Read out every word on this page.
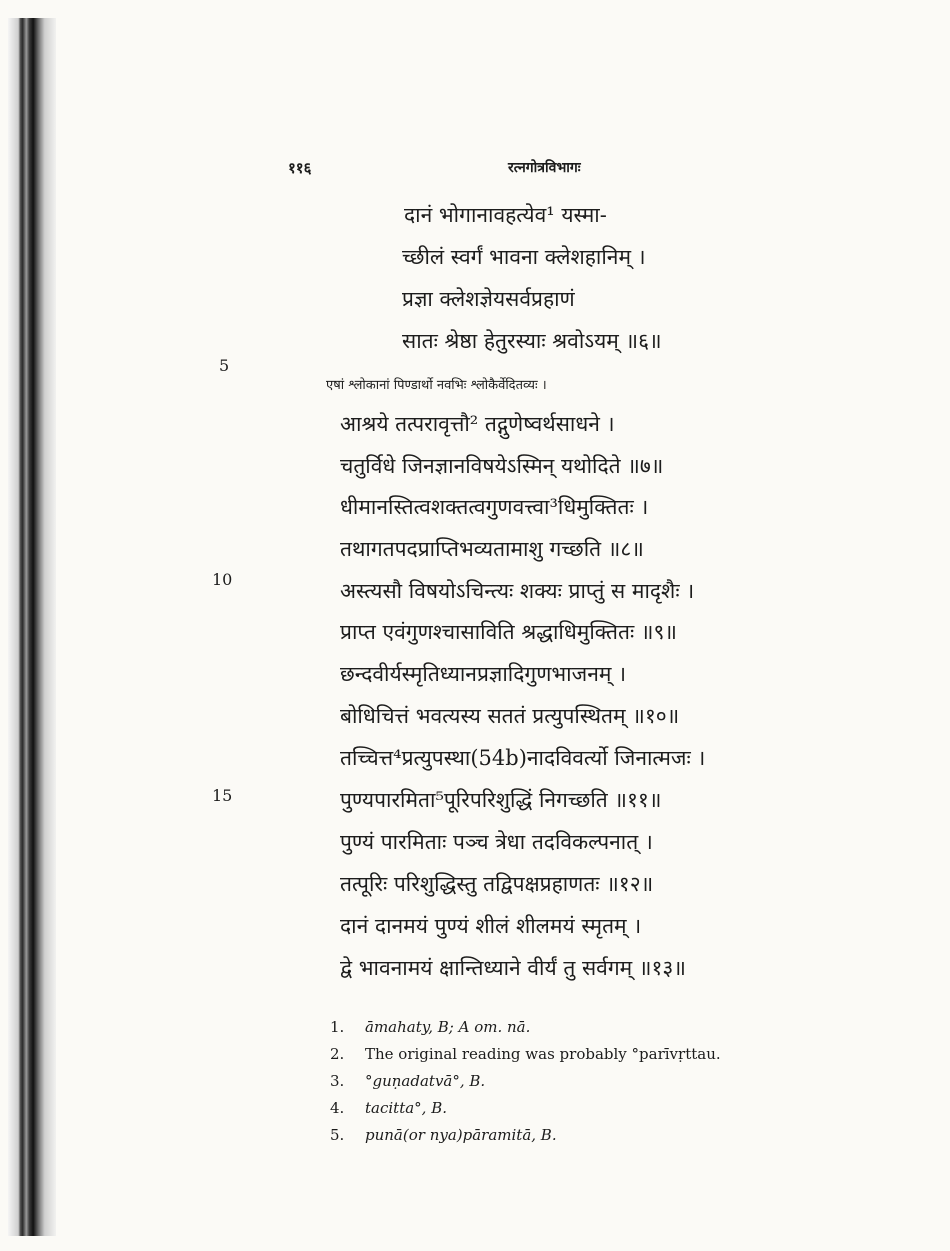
११६	रत्नगोत्रविभागः
दानं भोगानावहत्येव¹ यस्मा-
च्छीलं स्वर्गं भावना क्लेशहानिम् ।
प्रज्ञा क्लेशज्ञेयसर्वप्रहाणं
सातः श्रेष्ठा हेतुरस्याः श्रवोऽयम् ॥६॥
एषां श्लोकानां पिण्डार्थो नवभिः श्लोकैर्वेदितव्यः ।
आश्रये तत्परावृत्तौ² तद्गुणेष्वर्थसाधने ।
चतुर्विधे जिनज्ञानविषयेऽस्मिन् यथोदिते ॥७॥
धीमानस्तित्वशक्तत्वगुणवत्त्वा³धिमुक्तितः ।
तथागतपदप्राप्तिभव्यतामाशु गच्छति ॥८॥
अस्त्यसौ विषयोऽचिन्त्यः शक्यः प्राप्तुं स मादृशैः ।
प्राप्त एवंगुणश्चासाविति श्रद्धाधिमुक्तितः ॥९॥
छन्दवीर्यस्मृतिध्यानप्रज्ञादिगुणभाजनम् ।
बोधिचित्तं भवत्यस्य सततं प्रत्युपस्थितम् ॥१०॥
तच्चित्त⁴प्रत्युपस्था(54b)नादविवर्त्यो जिनात्मजः ।
पुण्यपारमिता⁵पूरिपरिशुद्धिं निगच्छति ॥११॥
पुण्यं पारमिताः पञ्च त्रेधा तदविकल्पनात् ।
तत्पूरिः परिशुद्धिस्तु तद्विपक्षप्रहाणतः ॥१२॥
दानं दानमयं पुण्यं शीलं शीलमयं स्मृतम् ।
द्वे भावनामयं क्षान्तिध्याने वीर्यं तु सर्वगम् ॥१३॥
5
10
15
1. āmahaty, B; A om. nā.
2. The original reading was probably °parīvṛttau.
3. °guṇadatvā°, B.
4. tacitta°, B.
5. punā(or nya)pāramitā, B.
